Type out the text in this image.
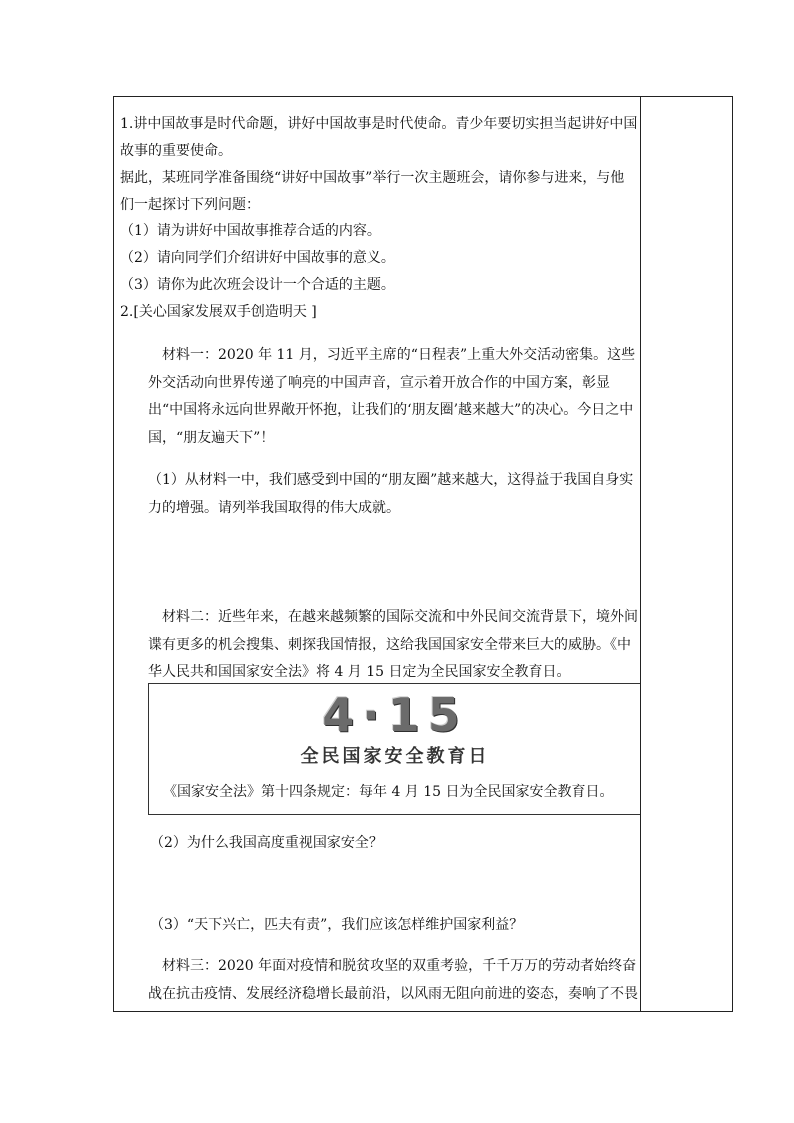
1.讲中国故事是时代命题，讲好中国故事是时代使命。青少年要切实担当起讲好中国
故事的重要使命。
据此，某班同学准备围绕“讲好中国故事”举行一次主题班会，请你参与进来，与他
们一起探讨下列问题：
（1）请为讲好中国故事推荐合适的内容。
（2）请向同学们介绍讲好中国故事的意义。
（3）请你为此次班会设计一个合适的主题。
2.[关心国家发展双手创造明天 ]
材料一：2020 年 11 月，习近平主席的“日程表”上重大外交活动密集。这些外交活动向世界传递了响亮的中国声音，宣示着开放合作的中国方案，彰显出“中国将永远向世界敞开怀抱，让我们的‘朋友圈’越来越大”的决心。今日之中国，“朋友遍天下”！
（1）从材料一中，我们感受到中国的“朋友圈”越来越大，这得益于我国自身实力的增强。请列举我国取得的伟大成就。
材料二：近些年来，在越来越频繁的国际交流和中外民间交流背景下，境外间谍有更多的机会搜集、刺探我国情报，这给我国国家安全带来巨大的威胁。《中华人民共和国国家安全法》将 4 月 15 日定为全民国家安全教育日。
4·15
全民国家安全教育日
《国家安全法》第十四条规定：每年 4 月 15 日为全民国家安全教育日。
（2）为什么我国高度重视国家安全？
（3）“天下兴亡，匹夫有责”，我们应该怎样维护国家利益？
材料三：2020 年面对疫情和脱贫攻坚的双重考验，千千万万的劳动者始终奋战在抗击疫情、发展经济稳增长最前沿，以风雨无阻向前进的姿态，奏响了不畏
